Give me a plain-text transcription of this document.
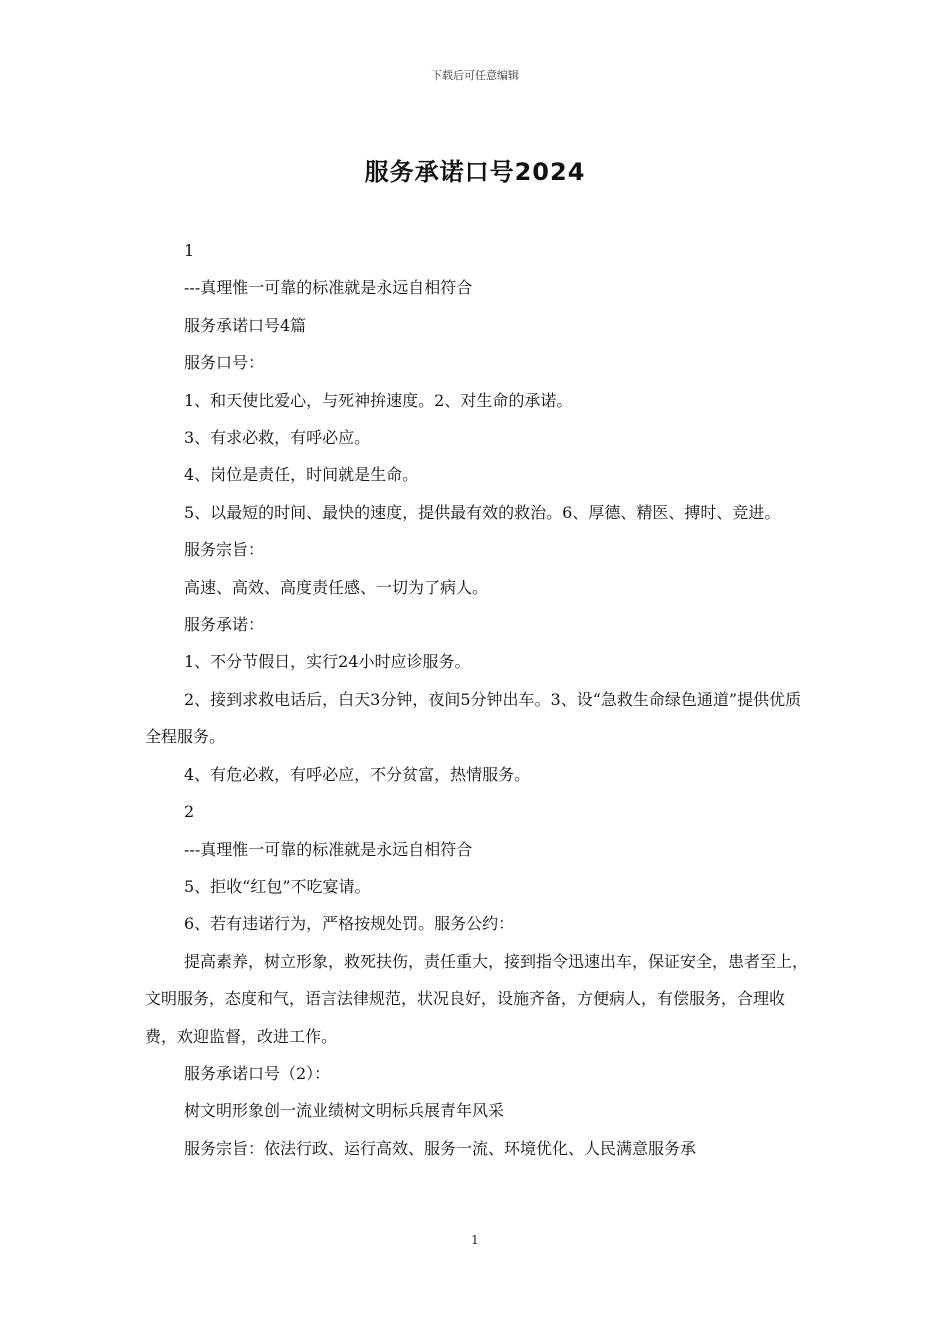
下载后可任意编辑
服务承诺口号2024

1

---真理惟一可靠的标准就是永远自相符合

服务承诺口号4篇

服务口号：

1、和天使比爱心，与死神拚速度。2、对生命的承诺。

3、有求必救，有呼必应。

4、岗位是责任，时间就是生命。

5、以最短的时间、最快的速度，提供最有效的救治。6、厚德、精医、搏时、竞进。

服务宗旨：

高速、高效、高度责任感、一切为了病人。

服务承诺：

1、不分节假日，实行24小时应诊服务。

2、接到求救电话后，白天3分钟，夜间5分钟出车。3、设“急救生命绿色通道”提供优质全程服务。

4、有危必救，有呼必应，不分贫富，热情服务。

2

---真理惟一可靠的标准就是永远自相符合

5、拒收“红包”不吃宴请。

6、若有违诺行为，严格按规处罚。服务公约：

提高素养，树立形象，救死扶伤，责任重大，接到指令迅速出车，保证安全，患者至上，文明服务，态度和气，语言法律规范，状况良好，设施齐备，方便病人，有偿服务，合理收费，欢迎监督，改进工作。

服务承诺口号（2）：

树文明形象创一流业绩树文明标兵展青年风采

服务宗旨：依法行政、运行高效、服务一流、环境优化、人民满意服务承

1
